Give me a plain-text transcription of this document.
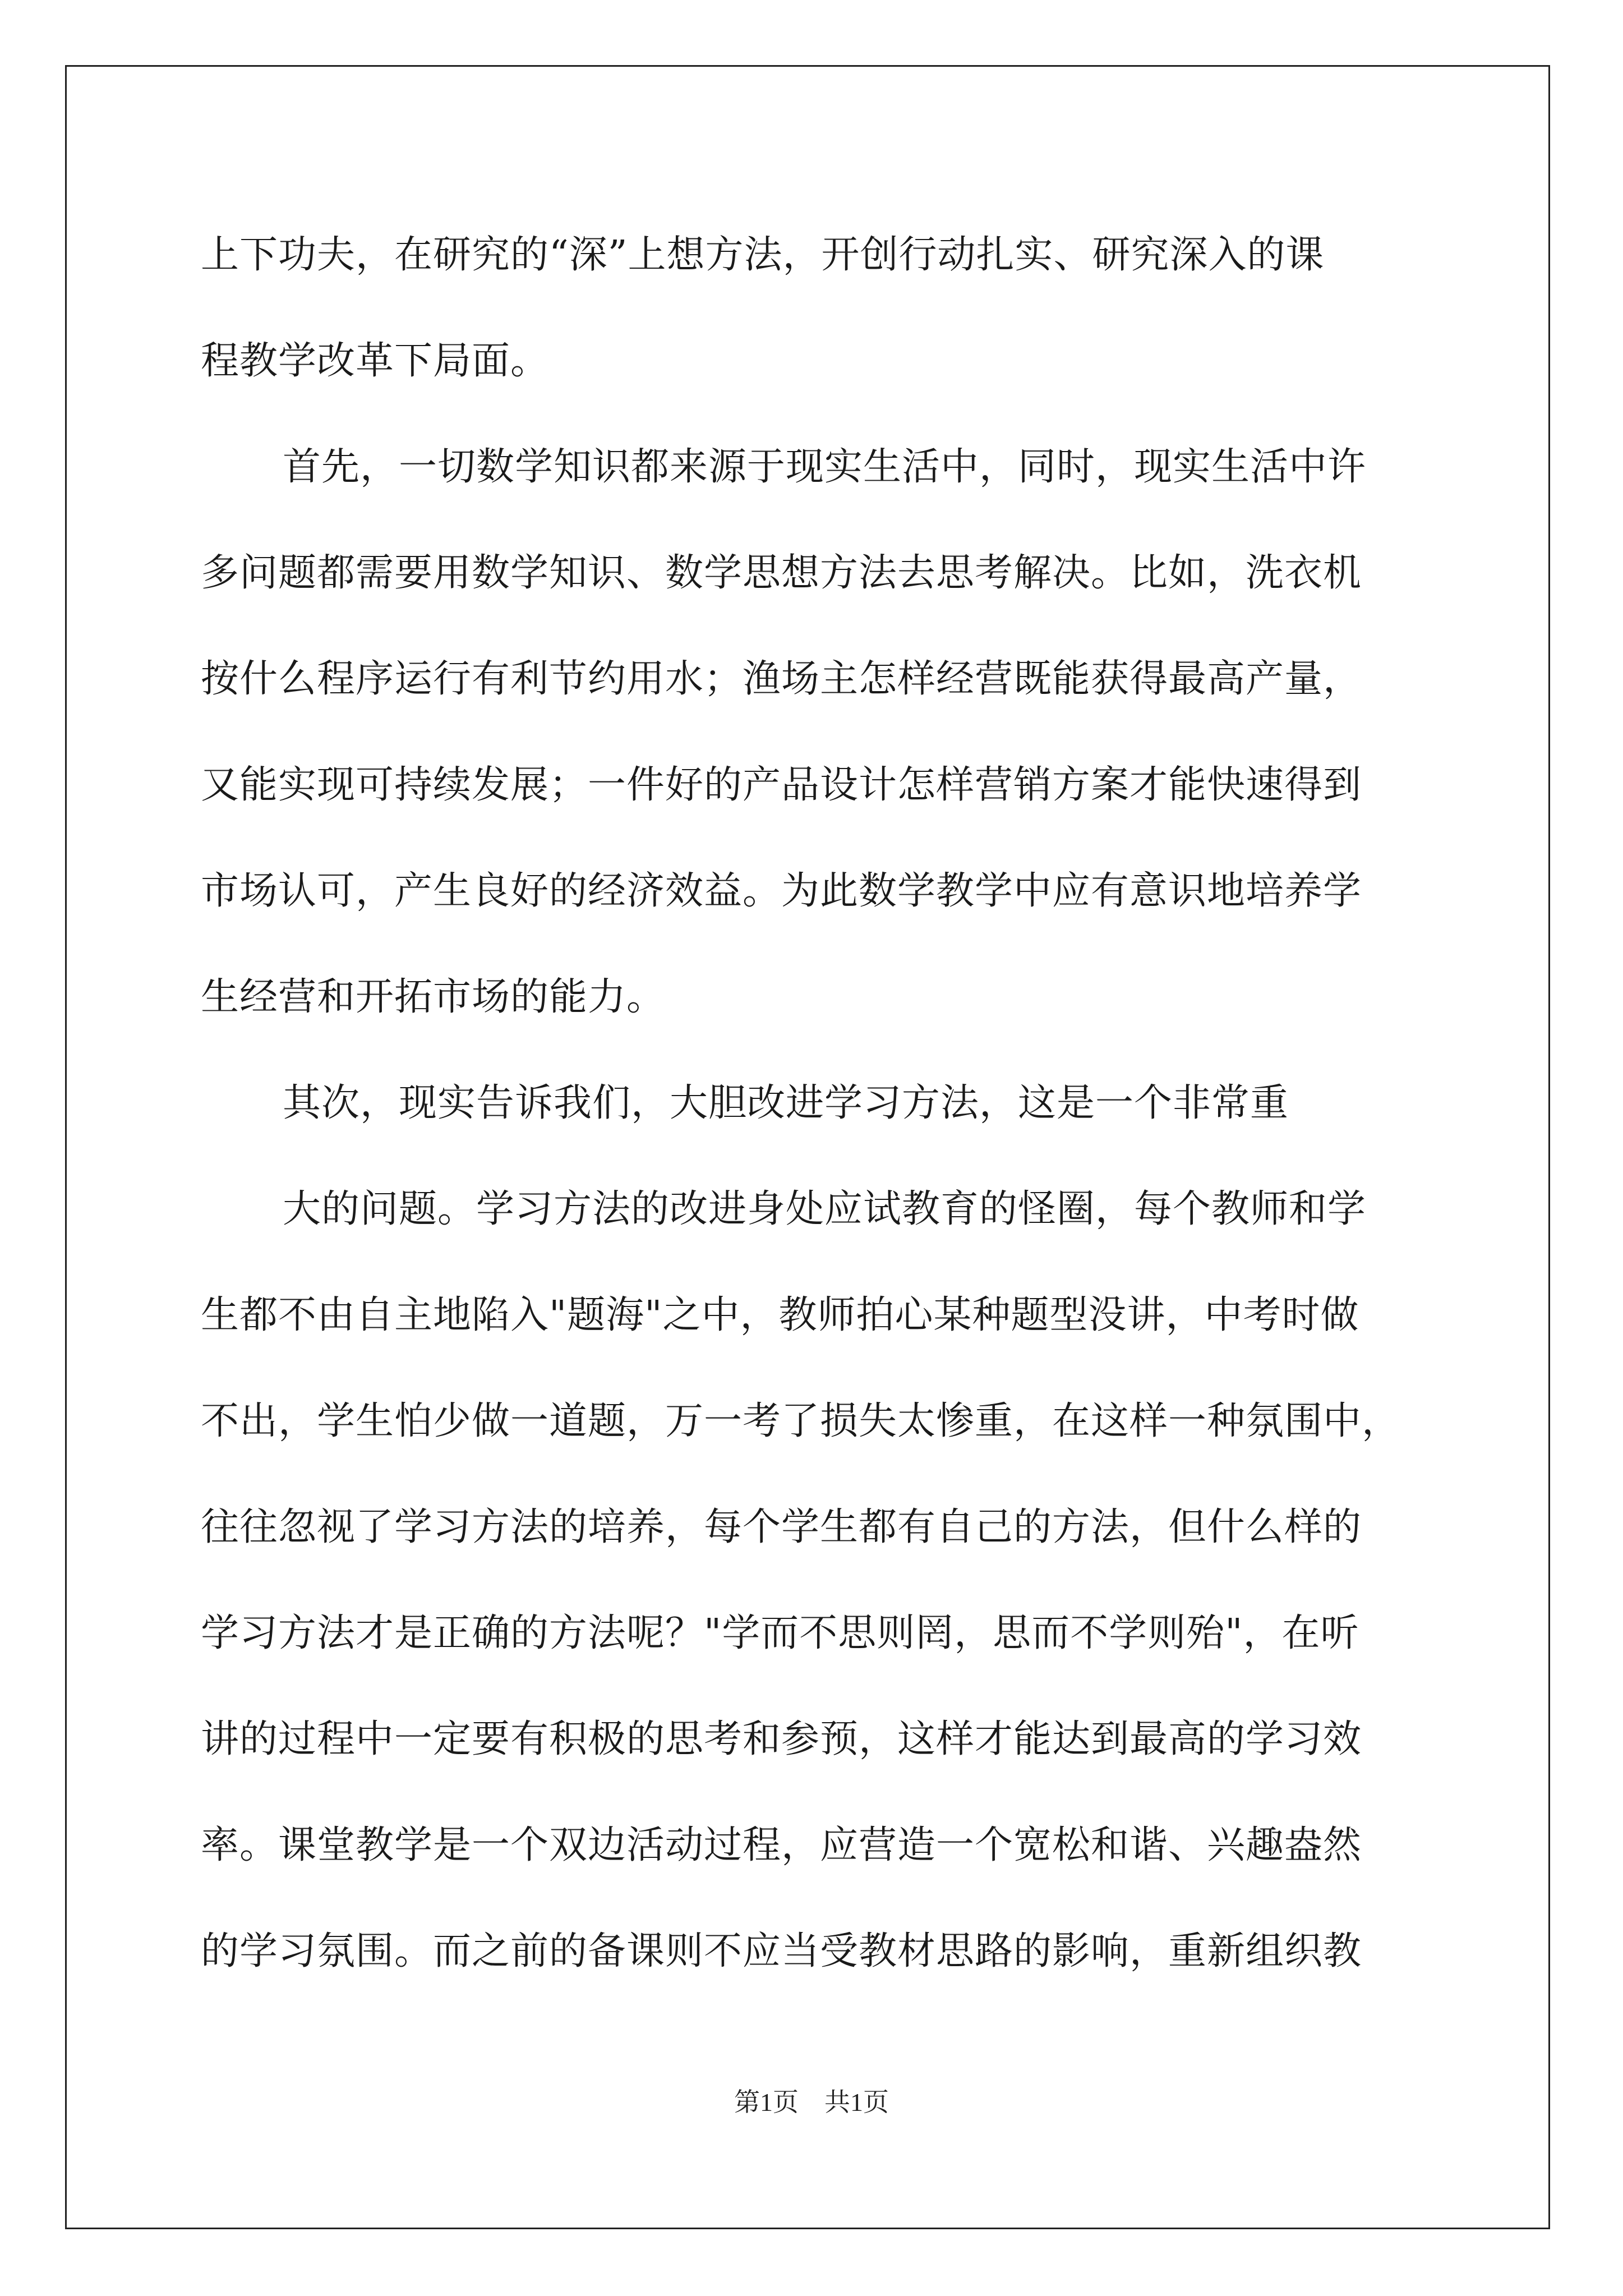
上下功夫，在研究的“深”上想方法，开创行动扎实、研究深入的课
程教学改革下局面。
首先，一切数学知识都来源于现实生活中，同时，现实生活中许
多问题都需要用数学知识、数学思想方法去思考解决。比如，洗衣机
按什么程序运行有利节约用水；渔场主怎样经营既能获得最高产量，
又能实现可持续发展；一件好的产品设计怎样营销方案才能快速得到
市场认可，产生良好的经济效益。为此数学教学中应有意识地培养学
生经营和开拓市场的能力。
其次，现实告诉我们，大胆改进学习方法，这是一个非常重
大的问题。学习方法的改进身处应试教育的怪圈，每个教师和学
生都不由自主地陷入"题海"之中，教师拍心某种题型没讲，中考时做
不出，学生怕少做一道题，万一考了损失太惨重，在这样一种氛围中，
往往忽视了学习方法的培养，每个学生都有自己的方法，但什么样的
学习方法才是正确的方法呢？"学而不思则罔，思而不学则殆"，在听
讲的过程中一定要有积极的思考和参预，这样才能达到最高的学习效
率。课堂教学是一个双边活动过程，应营造一个宽松和谐、兴趣盎然
的学习氛围。而之前的备课则不应当受教材思路的影响，重新组织教
第1页　共1页
